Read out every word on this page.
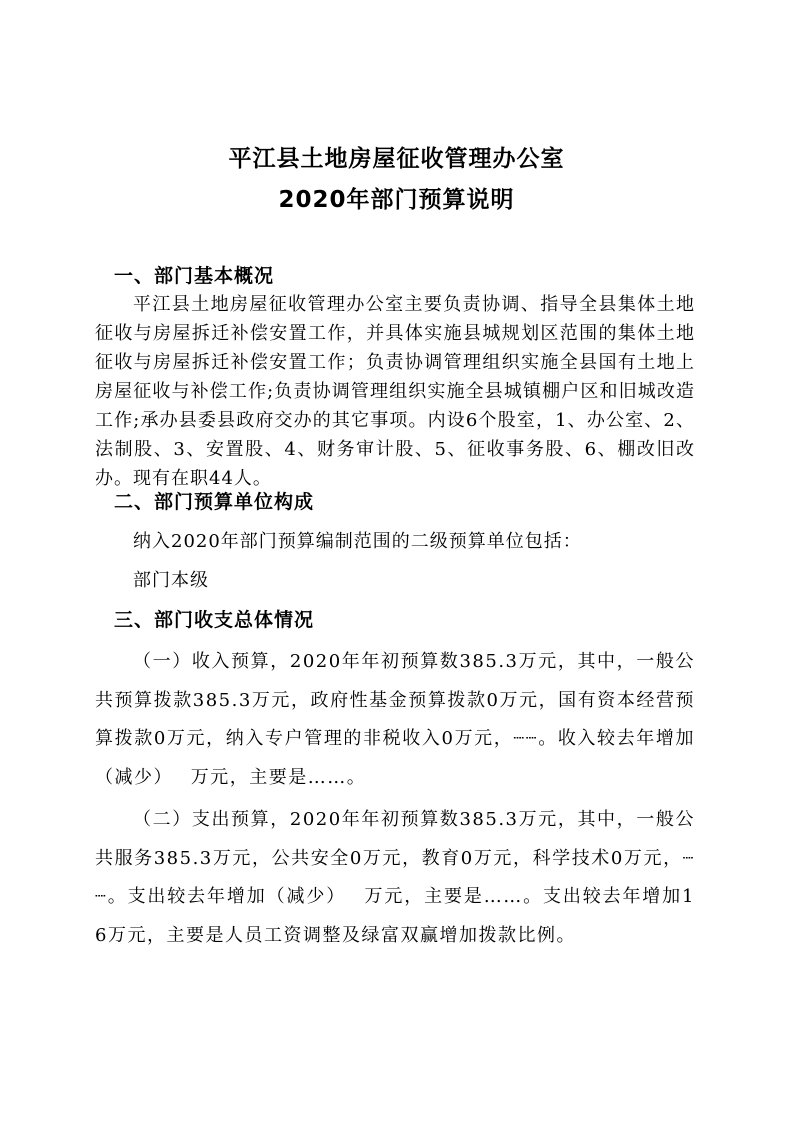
平江县土地房屋征收管理办公室
2020年部门预算说明
一、部门基本概况
平江县土地房屋征收管理办公室主要负责协调、指导全县集体土地征收与房屋拆迁补偿安置工作，并具体实施县城规划区范围的集体土地征收与房屋拆迁补偿安置工作；负责协调管理组织实施全县国有土地上房屋征收与补偿工作;负责协调管理组织实施全县城镇棚户区和旧城改造工作;承办县委县政府交办的其它事项。内设6个股室，1、办公室、2、法制股、3、安置股、4、财务审计股、5、征收事务股、6、棚改旧改办。现有在职44人。
二、部门预算单位构成
纳入2020年部门预算编制范围的二级预算单位包括：
部门本级
三、部门收支总体情况
（一）收入预算，2020年年初预算数385.3万元，其中，一般公共预算拨款385.3万元，政府性基金预算拨款0万元，国有资本经营预算拨款0万元，纳入专户管理的非税收入0万元，┈┈。收入较去年增加（减少）　 万元，主要是……。
（二）支出预算，2020年年初预算数385.3万元，其中，一般公共服务385.3万元，公共安全0万元，教育0万元，科学技术0万元，┈┈。支出较去年增加（减少）　 万元，主要是……。支出较去年增加16万元，主要是人员工资调整及绿富双赢增加拨款比例。
